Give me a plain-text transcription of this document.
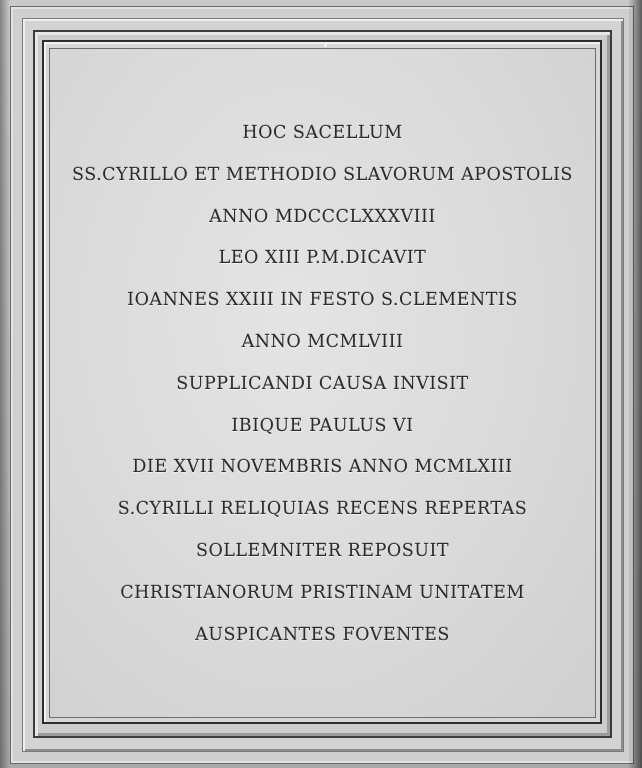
HOC SACELLUM
SS.CYRILLO ET METHODIO SLAVORUM APOSTOLIS
ANNO MDCCCLXXXVIII
LEO XIII P.M.DICAVIT
IOANNES XXIII IN FESTO S.CLEMENTIS
ANNO MCMLVIII
SUPPLICANDI CAUSA INVISIT
IBIQUE PAULUS VI
DIE XVII NOVEMBRIS ANNO MCMLXIII
S.CYRILLI RELIQUIAS RECENS REPERTAS
SOLLEMNITER REPOSUIT
CHRISTIANORUM PRISTINAM UNITATEM
AUSPICANTES FOVENTES
